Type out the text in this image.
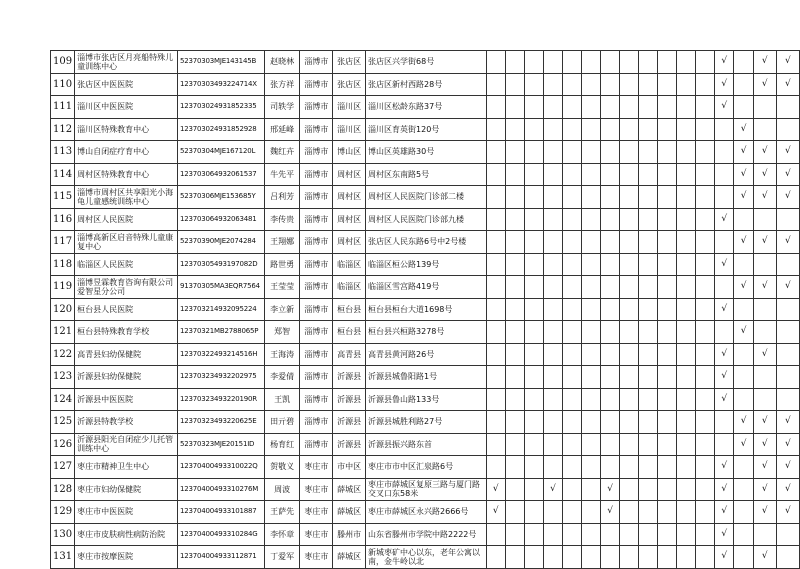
109	淄博市张店区月亮船特殊儿童训练中心	52370303MJE143145B	赵晓林	淄博市	张店区	张店区兴学街68号													√		√	√
110	张店区中医医院	12370303493224714X	张方祥	淄博市	张店区	张店区新村西路28号													√		√	√
111	淄川区中医医院	123703024931852335	司轶学	淄博市	淄川区	淄川区松龄东路37号													√			
112	淄川区特殊教育中心	123703024931852928	邢延峰	淄博市	淄川区	淄川区育英街120号														√		
113	博山自闭症疗育中心	52370304MJE167120L	魏红卉	淄博市	博山区	博山区英雄路30号														√	√	√
114	周村区特殊教育中心	123703064932061537	牛先平	淄博市	周村区	周村区东南路5号														√	√	√
115	淄博市周村区共享阳光小海龟儿童感统训练中心	52370306MJE153685Y	吕利芳	淄博市	周村区	周村区人民医院门诊部二楼														√	√	√
116	周村区人民医院	123703064932063481	李传贵	淄博市	周村区	周村区人民医院门诊部九楼													√			
117	淄博高新区启音特殊儿童康复中心	52370390MJE2074284	王翔娜	淄博市	周村区	张店区人民东路6号中2号楼														√	√	√
118	临淄区人民医院	12370305493197082D	路世勇	淄博市	临淄区	临淄区桓公路139号													√			
119	淄博昱霖教育咨询有限公司爱智星分公司	91370305MA3EQR7564	王莹莹	淄博市	临淄区	临淄区雪宫路419号														√	√	√
120	桓台县人民医院	123703214932095224	李立新	淄博市	桓台县	桓台县桓台大道1698号													√			
121	桓台县特殊教育学校	12370321MB2788065P	郑智	淄博市	桓台县	桓台县兴桓路3278号														√		
122	高青县妇幼保健院	12370322493214516H	王海涛	淄博市	高青县	高青县黄河路26号													√		√	
123	沂源县妇幼保健院	123703234932202975	李爱倩	淄博市	沂源县	沂源县城鲁阳路1号													√			
124	沂源县中医医院	12370323493220190R	王凯	淄博市	沂源县	沂源县鲁山路133号													√			
125	沂源县特教学校	12370323493220625E	田亓碧	淄博市	沂源县	沂源县城胜利路27号														√	√	√
126	沂源县阳光自闭症少儿托管训练中心	52370323MJE20151ID	杨育红	淄博市	沂源县	沂源县振兴路东首														√	√	√
127	枣庄市精神卫生中心	12370400493310022Q	贺敬义	枣庄市	市中区	枣庄市市中区汇泉路6号													√		√	√
128	枣庄市妇幼保健院	12370400493310276M	周波	枣庄市	薛城区	枣庄市薛城区复原三路与厦门路交叉口东58米	√			√			√						√		√	√
129	枣庄市中医医院	123704004933101887	王萨先	枣庄市	薛城区	枣庄市薛城区永兴路2666号	√						√						√		√	√
130	枣庄市皮肤病性病防治院	12370400493310284G	李怀章	枣庄市	滕州市	山东省滕州市学院中路2222号													√			
131	枣庄市按摩医院	123704004933112871	丁爱军	枣庄市	薛城区	新城枣矿中心以东，老年公寓以南，金牛岭以北													√		√	
